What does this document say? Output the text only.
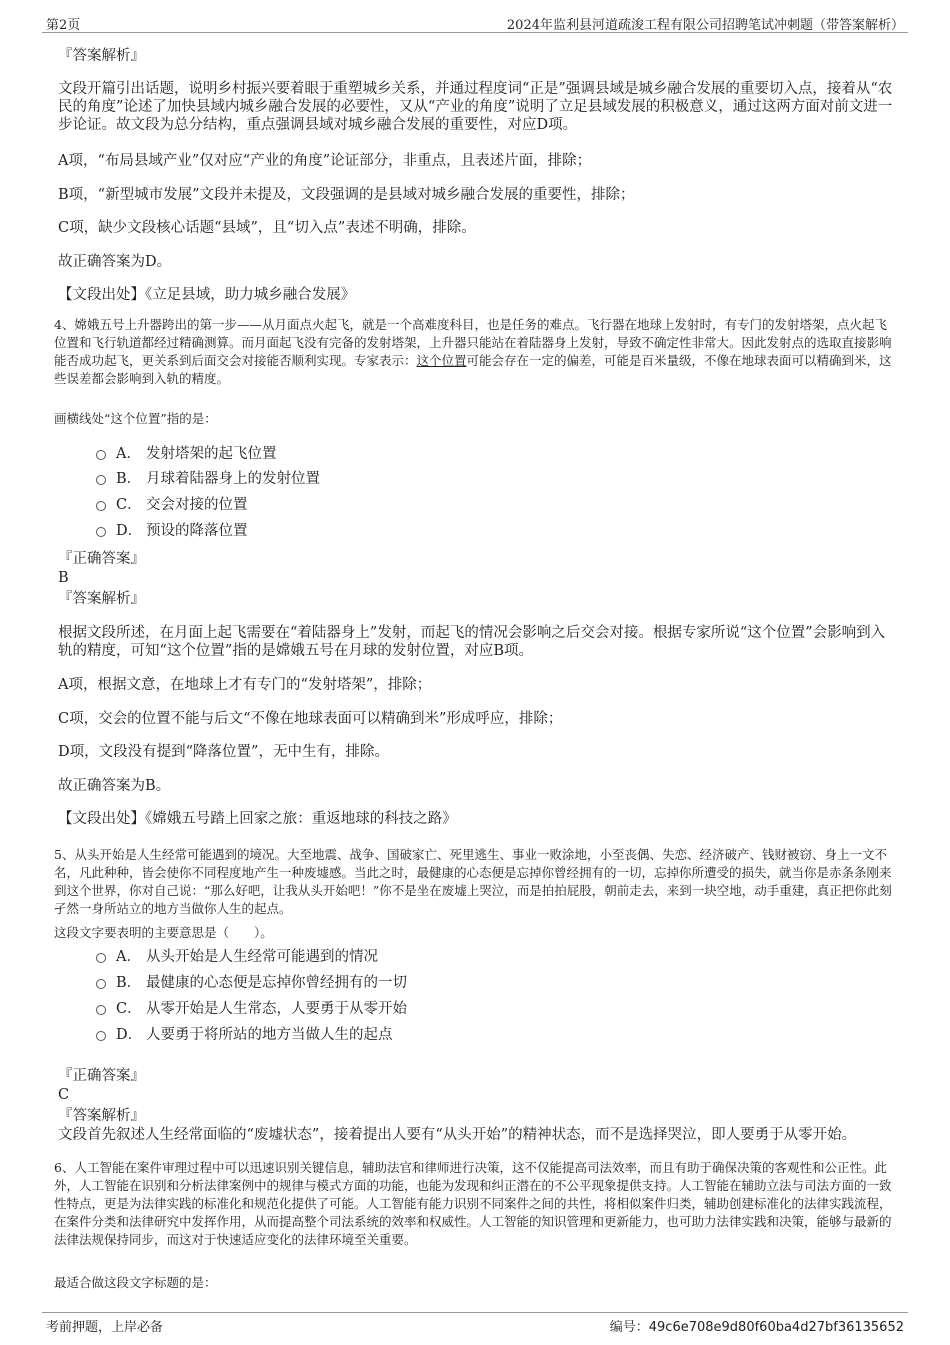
第2页	2024年监利县河道疏浚工程有限公司招聘笔试冲刺题（带答案解析）
『答案解析』

文段开篇引出话题，说明乡村振兴要着眼于重塑城乡关系，并通过程度词“正是”强调县域是城乡融合发展的重要切入点，接着从“农民的角度”论述了加快县域内城乡融合发展的必要性，又从“产业的角度”说明了立足县域发展的积极意义，通过这两方面对前文进一步论证。故文段为总分结构，重点强调县域对城乡融合发展的重要性，对应D项。

A项，“布局县域产业”仅对应“产业的角度”论证部分，非重点，且表述片面，排除；
B项，“新型城市发展”文段并未提及，文段强调的是县域对城乡融合发展的重要性，排除；
C项，缺少文段核心话题“县域”，且“切入点”表述不明确，排除。
故正确答案为D。
【文段出处】《立足县域，助力城乡融合发展》

4、嫦娥五号上升器跨出的第一步——从月面点火起飞，就是一个高难度科目，也是任务的难点。飞行器在地球上发射时，有专门的发射塔架，点火起飞位置和飞行轨道都经过精确测算。而月面起飞没有完备的发射塔架，上升器只能站在着陆器身上发射，导致不确定性非常大。因此发射点的选取直接影响能否成功起飞，更关系到后面交会对接能否顺利实现。专家表示：这个位置可能会存在一定的偏差，可能是百米量级，不像在地球表面可以精确到米，这些误差都会影响到入轨的精度。

画横线处“这个位置”指的是：
A． 发射塔架的起飞位置
B． 月球着陆器身上的发射位置
C． 交会对接的位置
D． 预设的降落位置
『正确答案』
B
『答案解析』

根据文段所述，在月面上起飞需要在“着陆器身上”发射，而起飞的情况会影响之后交会对接。根据专家所说“这个位置”会影响到入轨的精度，可知“这个位置”指的是嫦娥五号在月球的发射位置，对应B项。

A项，根据文意，在地球上才有专门的“发射塔架”，排除；
C项，交会的位置不能与后文“不像在地球表面可以精确到米”形成呼应，排除；
D项，文段没有提到“降落位置”，无中生有，排除。
故正确答案为B。
【文段出处】《嫦娥五号踏上回家之旅：重返地球的科技之路》

5、从头开始是人生经常可能遇到的境况。大至地震、战争、国破家亡、死里逃生、事业一败涂地，小至丧偶、失恋、经济破产、钱财被窃、身上一文不名，凡此种种，皆会使你不同程度地产生一种废墟感。当此之时，最健康的心态便是忘掉你曾经拥有的一切，忘掉你所遭受的损失，就当你是赤条条刚来到这个世界，你对自己说：“那么好吧，让我从头开始吧！”你不是坐在废墟上哭泣，而是拍拍屁股，朝前走去，来到一块空地，动手重建，真正把你此刻孑然一身所站立的地方当做你人生的起点。

这段文字要表明的主要意思是（　　）。
A． 从头开始是人生经常可能遇到的情况
B． 最健康的心态便是忘掉你曾经拥有的一切
C． 从零开始是人生常态，人要勇于从零开始
D． 人要勇于将所站的地方当做人生的起点
『正确答案』
C
『答案解析』
文段首先叙述人生经常面临的“废墟状态”，接着提出人要有“从头开始”的精神状态，而不是选择哭泣，即人要勇于从零开始。

6、人工智能在案件审理过程中可以迅速识别关键信息，辅助法官和律师进行决策，这不仅能提高司法效率，而且有助于确保决策的客观性和公正性。此外，人工智能在识别和分析法律案例中的规律与模式方面的功能，也能为发现和纠正潜在的不公平现象提供支持。人工智能在辅助立法与司法方面的一致性特点，更是为法律实践的标准化和规范化提供了可能。人工智能有能力识别不同案件之间的共性，将相似案件归类，辅助创建标准化的法律实践流程，在案件分类和法律研究中发挥作用，从而提高整个司法系统的效率和权威性。人工智能的知识管理和更新能力，也可助力法律实践和决策，能够与最新的法律法规保持同步，而这对于快速适应变化的法律环境至关重要。

最适合做这段文字标题的是：
考前押题，上岸必备	编号：49c6e708e9d80f60ba4d27bf36135652
